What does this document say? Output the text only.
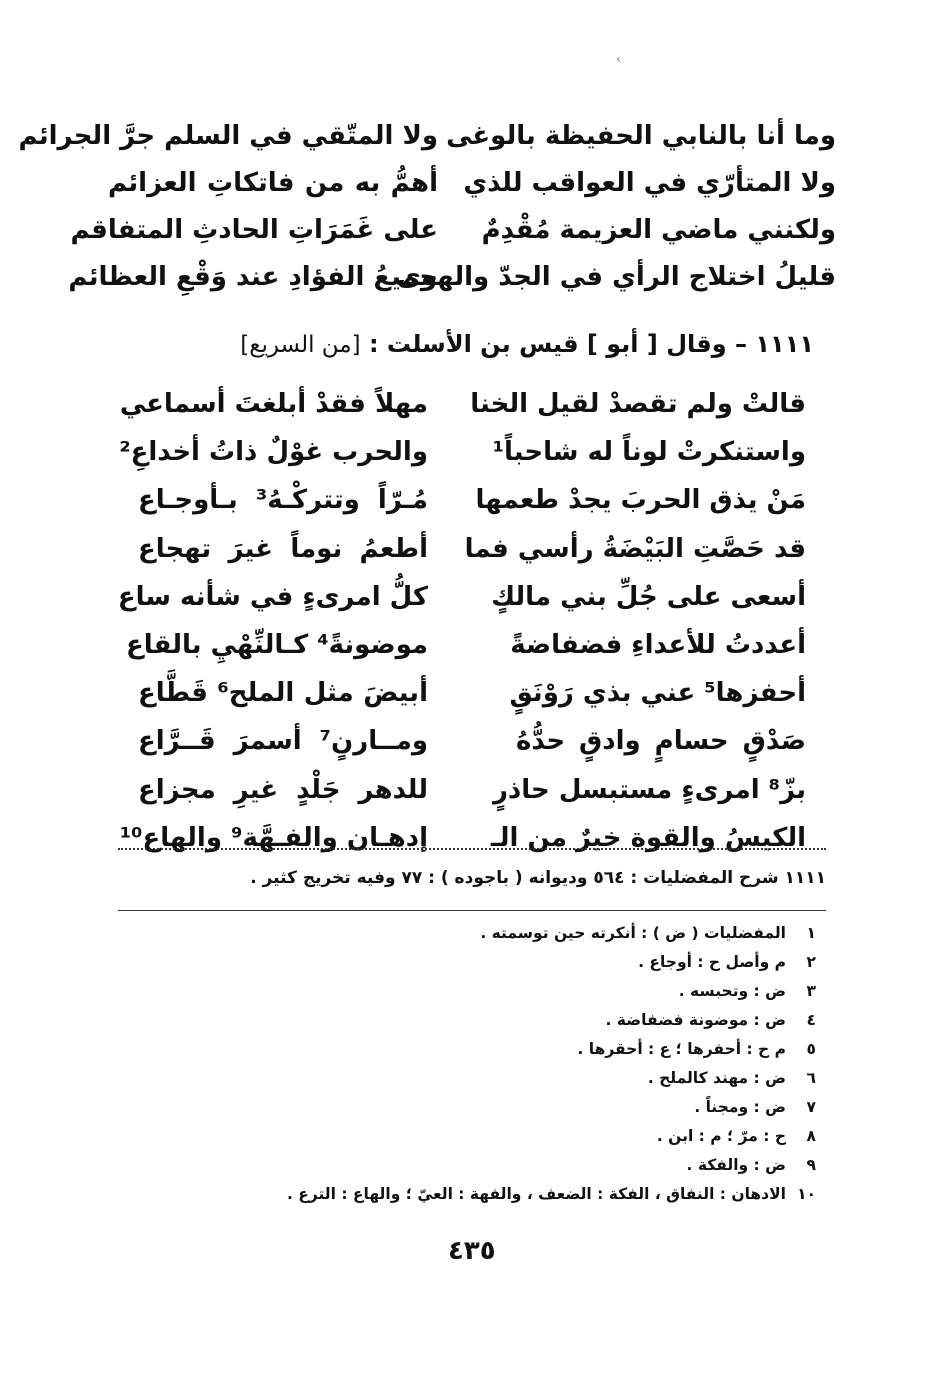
›
وما أنا بالنابي الحفيظة بالوغى
ولا المتّقي في السلم جرَّ الجرائم
ولا المتأرّي في العواقب للذي
أهمُّ به من فاتكاتِ العزائم
ولكنني ماضي العزيمة مُقْدِمٌ
على غَمَرَاتِ الحادثِ المتفاقم
قليلُ اختلاج الرأي في الجدّ والهوى
جميعُ الفؤادِ عند وَقْعِ العظائم
١١١١ – وقال [ أبو ] قيس بن الأسلت : [من السريع]
قالتْ ولم تقصدْ لقيل الخنا
مهلاً فقدْ أبلغتَ أسماعي
واستنكرتْ لوناً له شاحباً¹
والحرب غوْلٌ ذاتُ أخداعِ²
مَنْ يذق الحربَ يجدْ طعمها
مُـرّاً وتتركْـهُ³ بـأوجـاع
قد حَصَّتِ البَيْضَةُ رأسي فما
أطعمُ نوماً غيرَ تهجاع
أسعى على جُلِّ بني مالكٍ
كلُّ امرىءٍ في شأنه ساع
أعددتُ للأعداءِ فضفاضةً
موضونةً⁴ كـالنِّهْيِ بالقاع
أحفزها⁵ عني بذي رَوْنَقٍ
أبيضَ مثل الملح⁶ قَطَّاع
صَدْقٍ حسامٍ وادقٍ حدُّهُ
ومــارنٍ⁷ أسمرَ قَــرَّاع
بزّ⁸ امرىءٍ مستبسل حاذرٍ
للدهر جَلْدٍ غيرِ مجزاع
الكيسُ والقوة خيرٌ من الـ
إدهـان والفـهَّة⁹ والهاع¹⁰
١١١١ شرح المفضليات : ٥٦٤ وديوانه ( باجوده ) : ٧٧ وفيه تخريج كثير .
١
المفضليات ( ض ) : أنكرته حين توسمته .
٢
م وأصل ح : أوجاع .
٣
ض : وتحبسه .
٤
ض : موضونة فضفاضة .
٥
م ح : أحفرها ؛ ع : أحقرها .
٦
ض : مهند كالملح .
٧
ض : ومجناً .
٨
ح : مرّ ؛ م : ابن .
٩
ض : والفكة .
١٠
الادهان : النفاق ، الفكة : الضعف ، والفهة : العيّ ؛ والهاع : الترع .
٤٣٥
